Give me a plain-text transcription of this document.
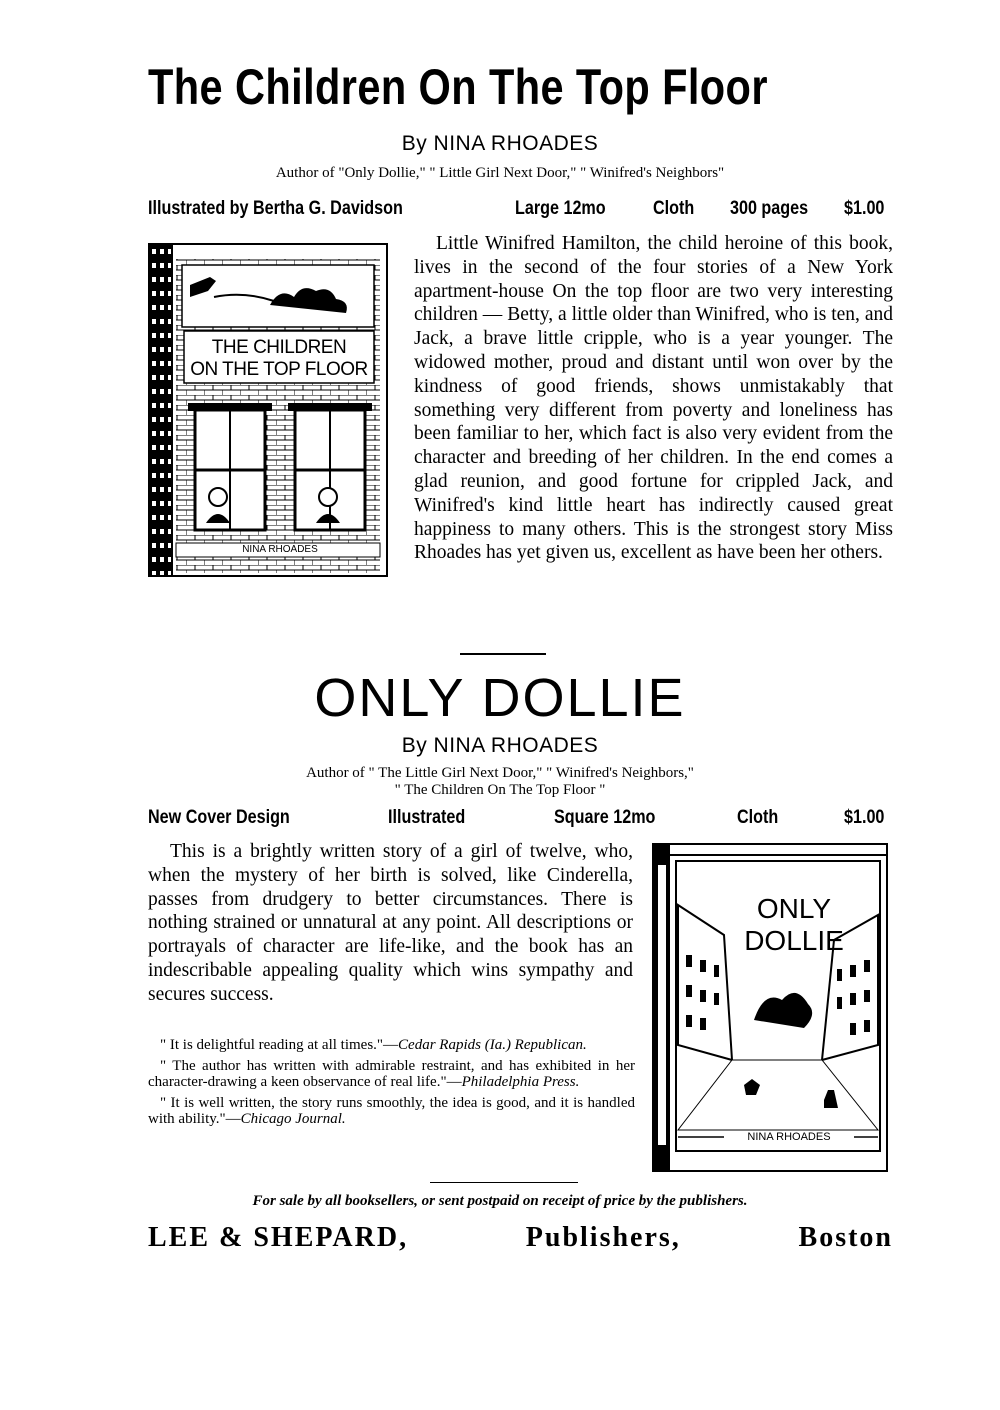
The Children On The Top Floor
By NINA RHOADES
Author of "Only Dollie," " Little Girl Next Door," " Winifred's Neighbors"
Illustrated by Bertha G. Davidson	Large 12mo Cloth 300 pages $1.00
THE CHILDREN
ON THE TOP FLOOR
NINA RHOADES

Little Winifred Hamilton, the child heroine of this book, lives in the second of the four stories of a New York apartment-house On the top floor are two very interesting children — Betty, a little older than Winifred, who is ten, and Jack, a brave little cripple, who is a year younger. The widowed mother, proud and distant until won over by the kindness of good friends, shows unmistakably that something very different from poverty and loneliness has been familiar to her, which fact is also very evident from the character and breeding of her children. In the end comes a glad reunion, and good fortune for crippled Jack, and Winifred's kind little heart has indirectly caused great happiness to many others. This is the strongest story Miss Rhoades has yet given us, excellent as have been her others.

ONLY DOLLIE
By NINA RHOADES
Author of " The Little Girl Next Door," " Winifred's Neighbors,"
" The Children On The Top Floor "
New Cover Design	Illustrated	Square 12mo	Cloth	$1.00

This is a brightly written story of a girl of twelve, who, when the mystery of her birth is solved, like Cinderella, passes from drudgery to better circumstances. There is nothing strained or unnatural at any point. All descriptions or portrayals of character are life-like, and the book has an indescribable appealing quality which wins sympathy and secures success.

" It is delightful reading at all times."—Cedar Rapids (Ia.) Republican.

" The author has written with admirable restraint, and has exhibited in her character-drawing a keen observance of real life."—Philadelphia Press.

" It is well written, the story runs smoothly, the idea is good, and it is handled with ability."—Chicago Journal.

ONLY
DOLLIE
NINA RHOADES
For sale by all booksellers, or sent postpaid on receipt of price by the publishers.
LEE & SHEPARD,	Publishers,	Boston
